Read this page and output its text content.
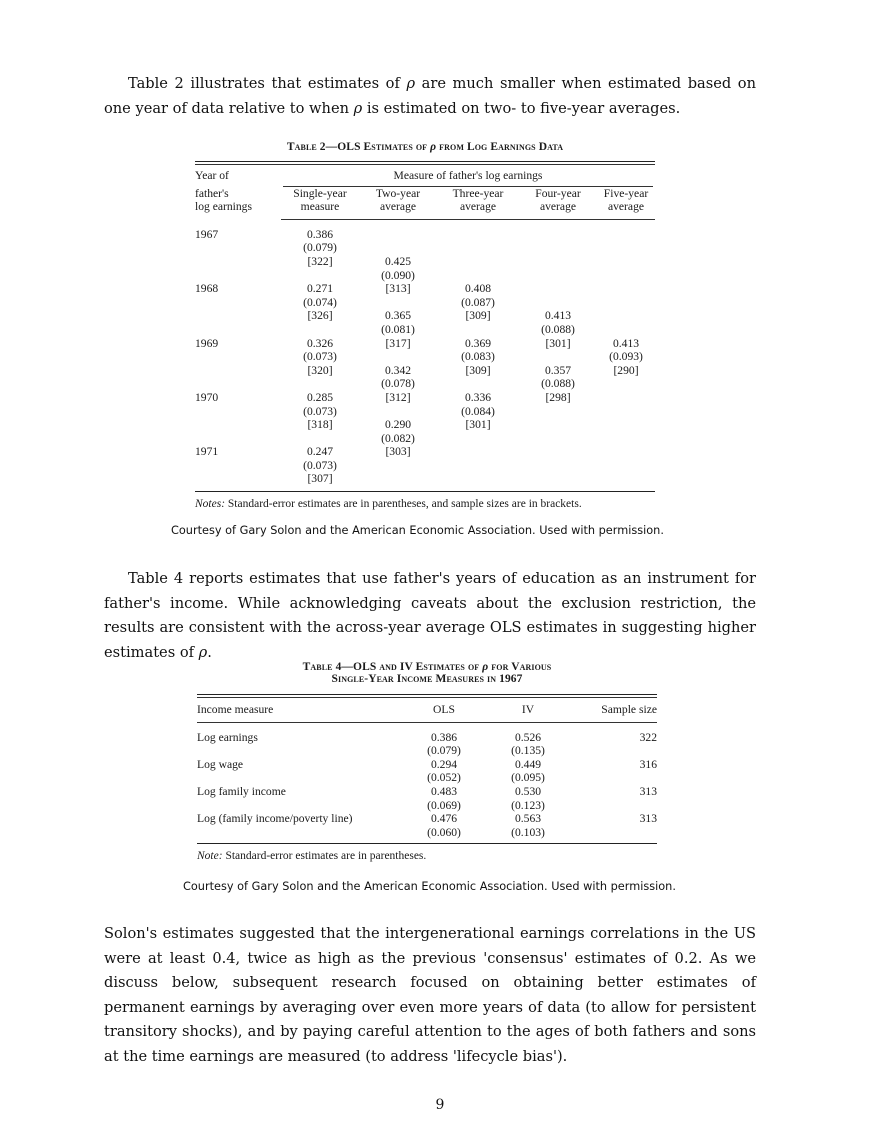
Table 2 illustrates that estimates of ρ are much smaller when estimated based on one year of data relative to when ρ is estimated on two- to five-year averages.

Table 2—OLS Estimates of ρ from Log Earnings Data
Year of	Measure of father's log earnings				

father's	Single-year	Two-year	Three-year	Four-year	Five-year
log earnings	measure	average	average	average	average
1967	0.386				
	(0.079)				
	[322]	0.425			
		(0.090)			
1968	0.271	[313]	0.408		
	(0.074)		(0.087)		
	[326]	0.365	[309]	0.413	
		(0.081)		(0.088)	
1969	0.326	[317]	0.369	[301]	0.413
	(0.073)		(0.083)		(0.093)
	[320]	0.342	[309]	0.357	[290]
		(0.078)		(0.088)	
1970	0.285	[312]	0.336	[298]	
	(0.073)		(0.084)		
	[318]	0.290	[301]		
		(0.082)			
1971	0.247	[303]			
	(0.073)				
	[307]				
Notes: Standard-error estimates are in parentheses, and sample sizes are in brackets.
Courtesy of Gary Solon and the American Economic Association. Used with permission.

Table 4 reports estimates that use father's years of education as an instrument for father's income. While acknowledging caveats about the exclusion restriction, the results are consistent with the across-year average OLS estimates in suggesting higher estimates of ρ.

Table 4—OLS and IV Estimates of ρ for Various
Single-Year Income Measures in 1967
Income measure	OLS	IV	Sample size
Log earnings	0.386	0.526	322
	(0.079)	(0.135)	
Log wage	0.294	0.449	316
	(0.052)	(0.095)	
Log family income	0.483	0.530	313
	(0.069)	(0.123)	
Log (family income/poverty line)	0.476	0.563	313
	(0.060)	(0.103)	
Note: Standard-error estimates are in parentheses.
Courtesy of Gary Solon and the American Economic Association. Used with permission.

Solon's estimates suggested that the intergenerational earnings correlations in the US were at least 0.4, twice as high as the previous 'consensus' estimates of 0.2. As we discuss below, subsequent research focused on obtaining better estimates of permanent earnings by averaging over even more years of data (to allow for persistent transitory shocks), and by paying careful attention to the ages of both fathers and sons at the time earnings are measured (to address 'lifecycle bias').

9
